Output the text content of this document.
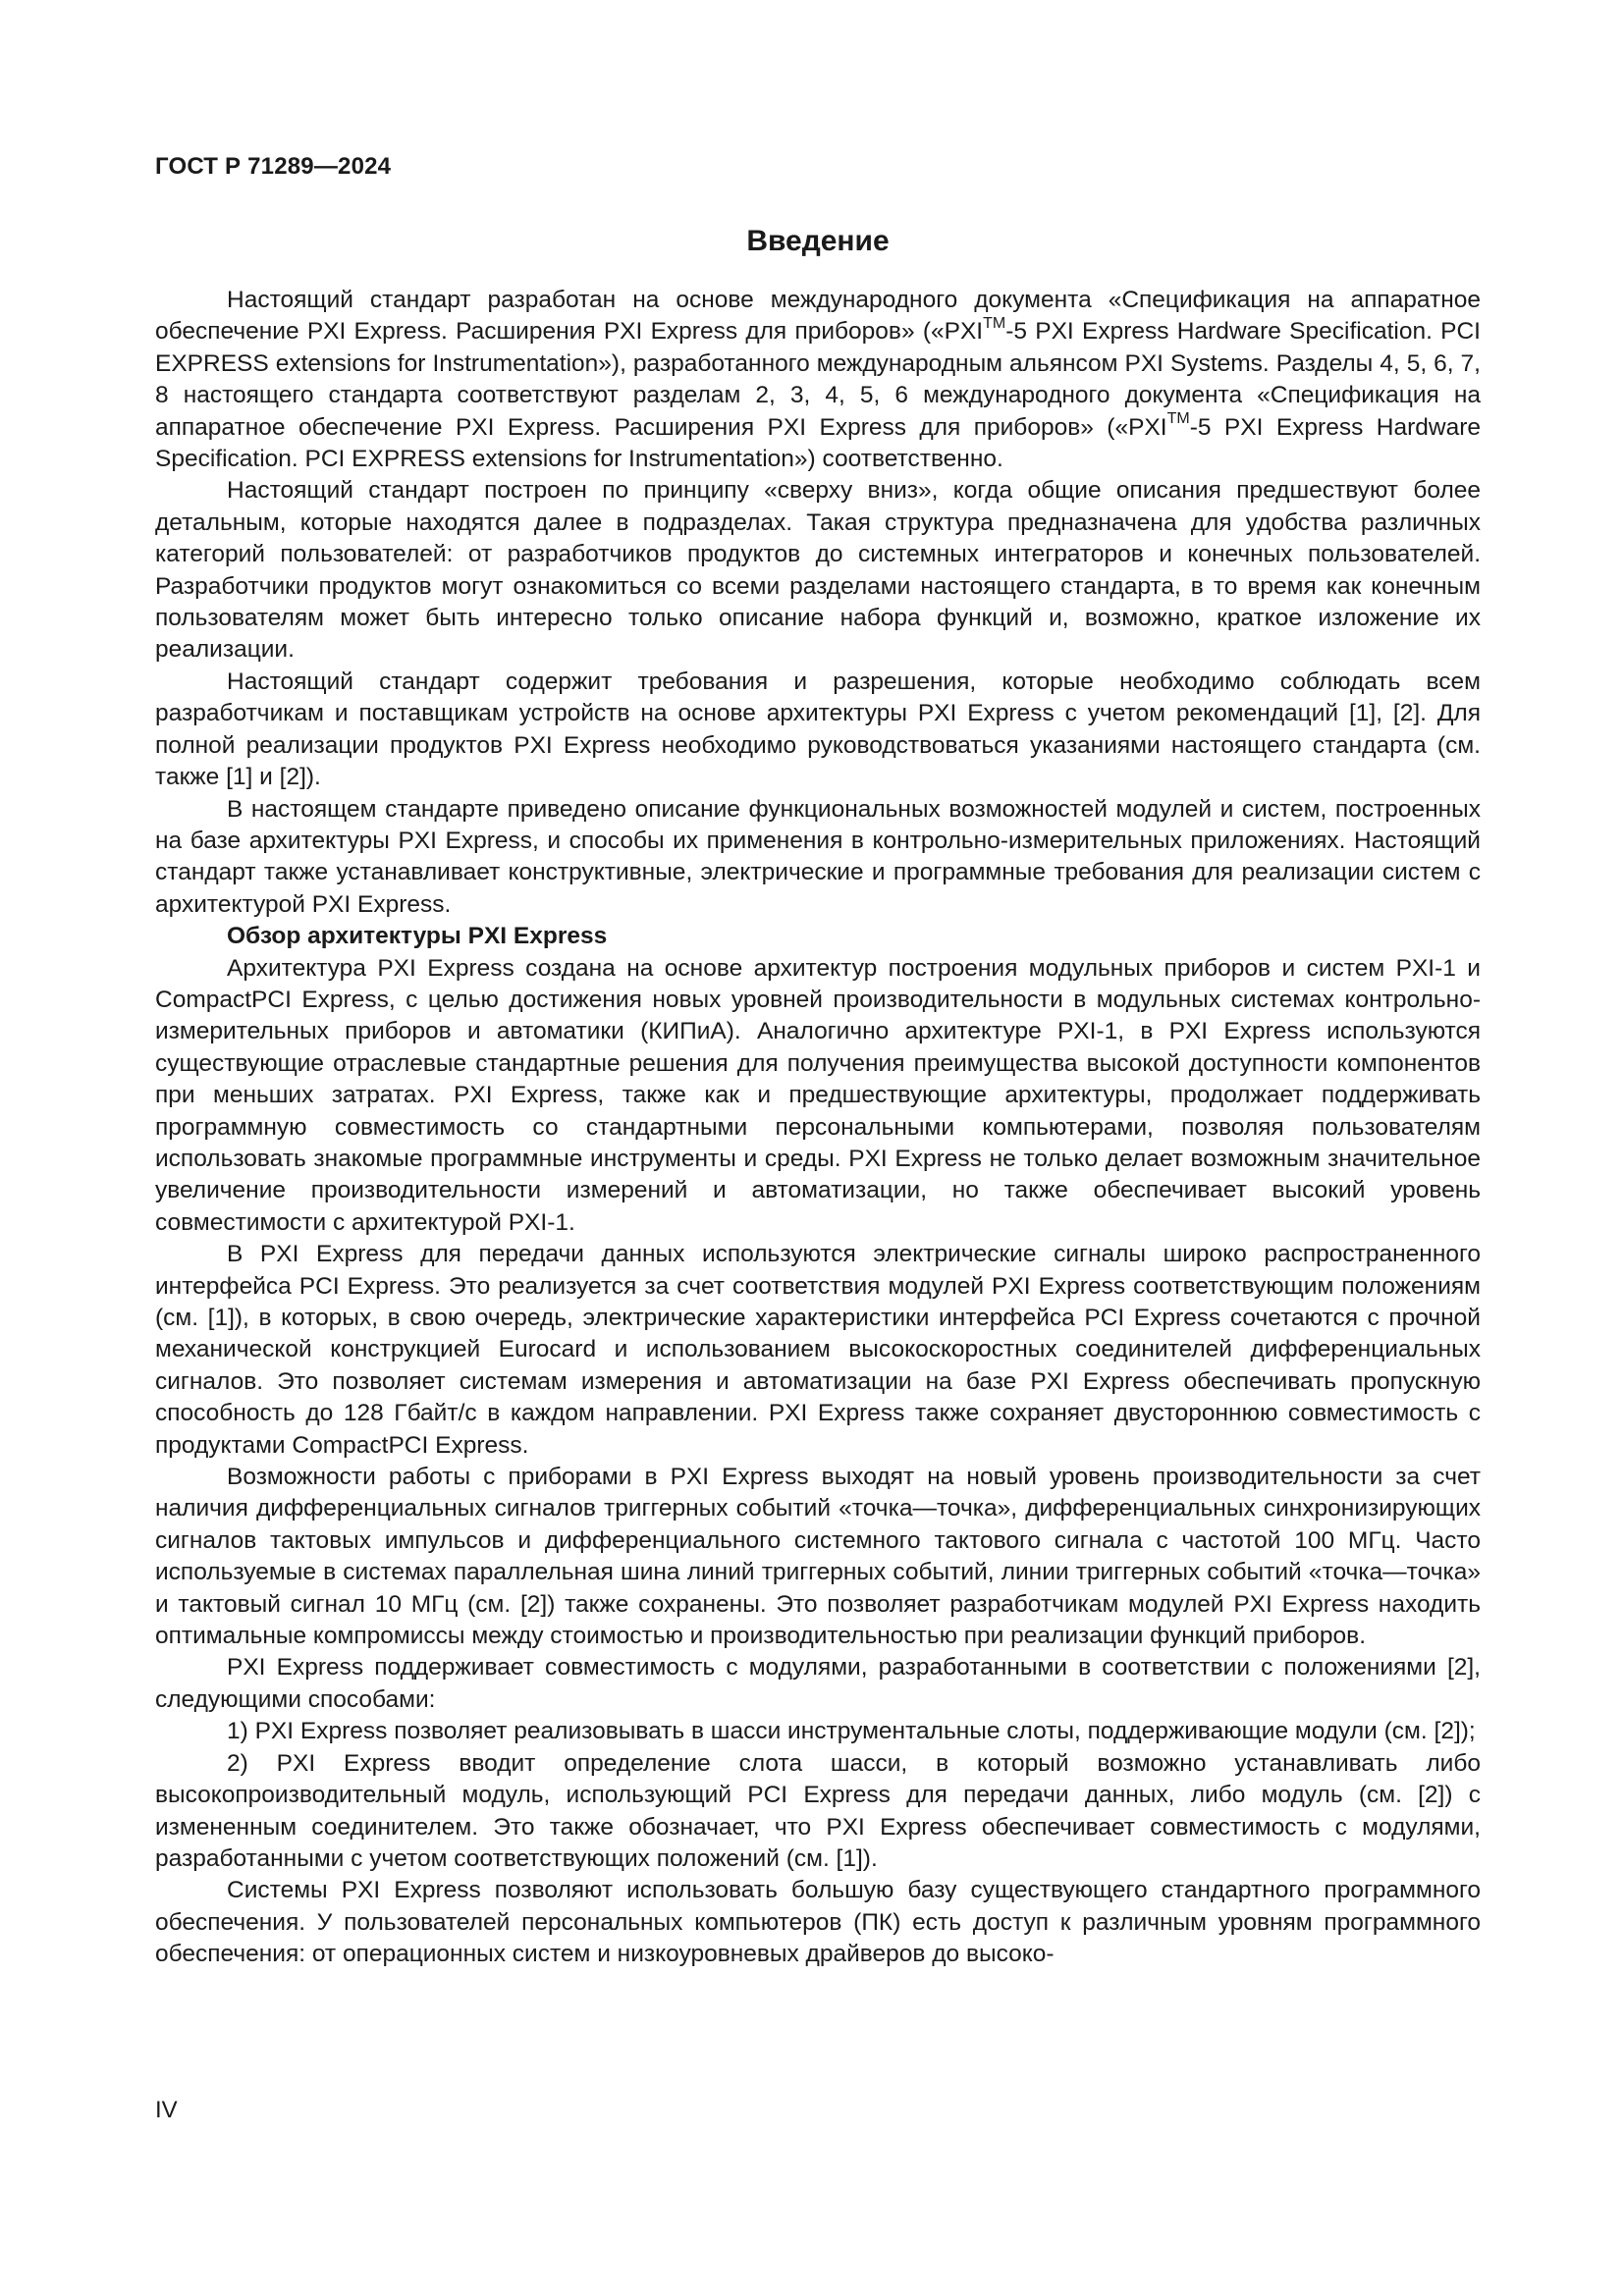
ГОСТ Р 71289—2024
Введение

Настоящий стандарт разработан на основе международного документа «Спецификация на аппаратное обеспечение PXI Express. Расширения PXI Express для приборов» («PXI™-5 PXI Express Hardware Specification. PCI EXPRESS extensions for Instrumentation»), разработанного международным альянсом PXI Systems. Разделы 4, 5, 6, 7, 8 настоящего стандарта соответствуют разделам 2, 3, 4, 5, 6 международного документа «Спецификация на аппаратное обеспечение PXI Express. Расширения PXI Express для приборов» («PXI™-5 PXI Express Hardware Specification. PCI EXPRESS extensions for Instrumentation») соответственно.

Настоящий стандарт построен по принципу «сверху вниз», когда общие описания предшествуют более детальным, которые находятся далее в подразделах. Такая структура предназначена для удобства различных категорий пользователей: от разработчиков продуктов до системных интеграторов и конечных пользователей. Разработчики продуктов могут ознакомиться со всеми разделами настоящего стандарта, в то время как конечным пользователям может быть интересно только описание набора функций и, возможно, краткое изложение их реализации.

Настоящий стандарт содержит требования и разрешения, которые необходимо соблюдать всем разработчикам и поставщикам устройств на основе архитектуры PXI Express с учетом рекомендаций [1], [2]. Для полной реализации продуктов PXI Express необходимо руководствоваться указаниями настоящего стандарта (см. также [1] и [2]).

В настоящем стандарте приведено описание функциональных возможностей модулей и систем, построенных на базе архитектуры PXI Express, и способы их применения в контрольно-измерительных приложениях. Настоящий стандарт также устанавливает конструктивные, электрические и программные требования для реализации систем с архитектурой PXI Express.

Обзор архитектуры PXI Express

Архитектура PXI Express создана на основе архитектур построения модульных приборов и систем PXI-1 и CompactPCI Express, с целью достижения новых уровней производительности в модульных системах контрольно-измерительных приборов и автоматики (КИПиА). Аналогично архитектуре PXI-1, в PXI Express используются существующие отраслевые стандартные решения для получения преимущества высокой доступности компонентов при меньших затратах. PXI Express, также как и предшествующие архитектуры, продолжает поддерживать программную совместимость со стандартными персональными компьютерами, позволяя пользователям использовать знакомые программные инструменты и среды. PXI Express не только делает возможным значительное увеличение производительности измерений и автоматизации, но также обеспечивает высокий уровень совместимости с архитектурой PXI-1.

В PXI Express для передачи данных используются электрические сигналы широко распространенного интерфейса PCI Express. Это реализуется за счет соответствия модулей PXI Express соответствующим положениям (см. [1]), в которых, в свою очередь, электрические характеристики интерфейса PCI Express сочетаются с прочной механической конструкцией Eurocard и использованием высокоскоростных соединителей дифференциальных сигналов. Это позволяет системам измерения и автоматизации на базе PXI Express обеспечивать пропускную способность до 128 Гбайт/с в каждом направлении. PXI Express также сохраняет двустороннюю совместимость с продуктами CompactPCI Express.

Возможности работы с приборами в PXI Express выходят на новый уровень производительности за счет наличия дифференциальных сигналов триггерных событий «точка—точка», дифференциальных синхронизирующих сигналов тактовых импульсов и дифференциального системного тактового сигнала с частотой 100 МГц. Часто используемые в системах параллельная шина линий триггерных событий, линии триггерных событий «точка—точка» и тактовый сигнал 10 МГц (см. [2]) также сохранены. Это позволяет разработчикам модулей PXI Express находить оптимальные компромиссы между стоимостью и производительностью при реализации функций приборов.

PXI Express поддерживает совместимость с модулями, разработанными в соответствии с положениями [2], следующими способами:

1) PXI Express позволяет реализовывать в шасси инструментальные слоты, поддерживающие модули (см. [2]);

2) PXI Express вводит определение слота шасси, в который возможно устанавливать либо высокопроизводительный модуль, использующий PCI Express для передачи данных, либо модуль (см. [2]) с измененным соединителем. Это также обозначает, что PXI Express обеспечивает совместимость с модулями, разработанными с учетом соответствующих положений (см. [1]).

Системы PXI Express позволяют использовать большую базу существующего стандартного программного обеспечения. У пользователей персональных компьютеров (ПК) есть доступ к различным уровням программного обеспечения: от операционных систем и низкоуровневых драйверов до высоко-

IV
